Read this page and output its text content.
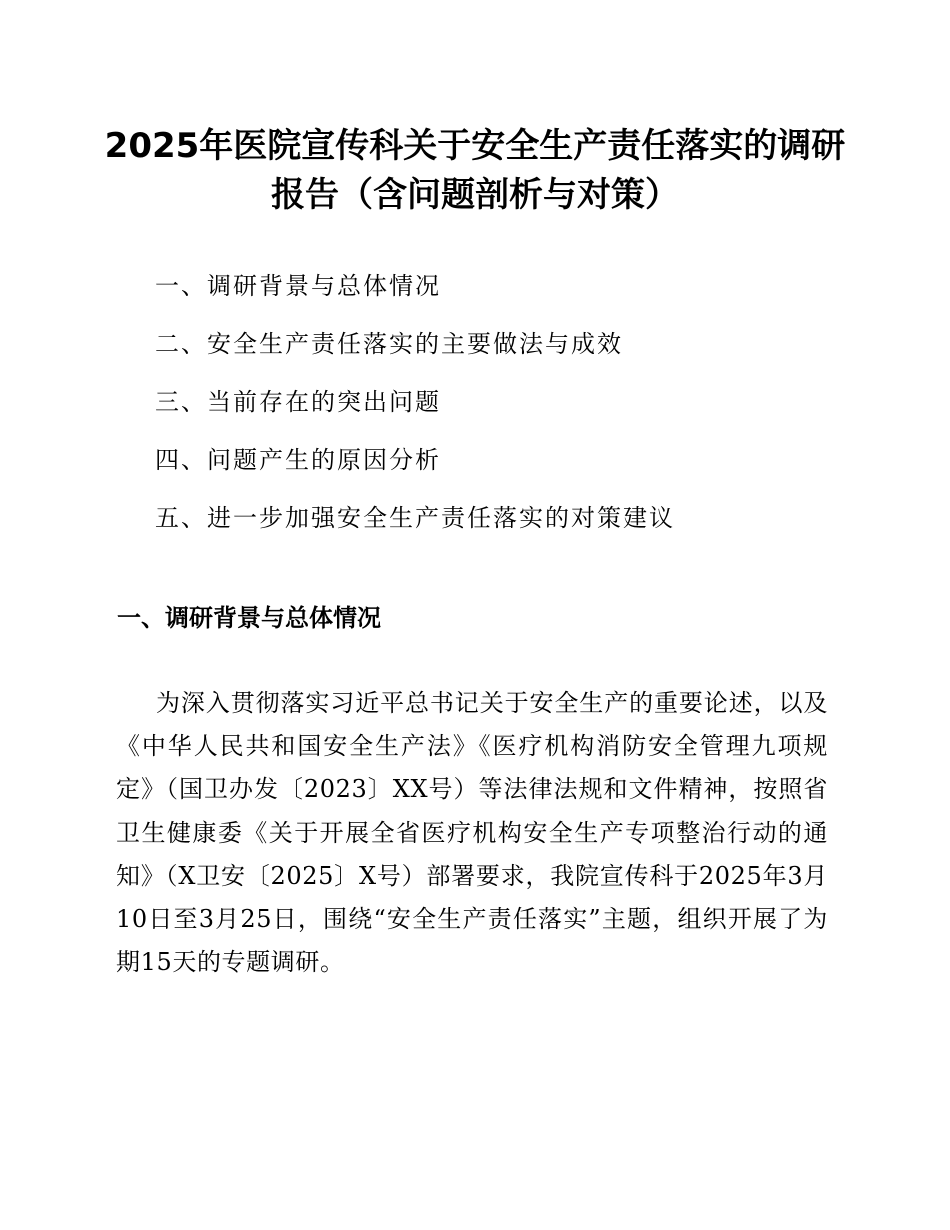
2025年医院宣传科关于安全生产责任落实的调研报告（含问题剖析与对策）
一、调研背景与总体情况
二、安全生产责任落实的主要做法与成效
三、当前存在的突出问题
四、问题产生的原因分析
五、进一步加强安全生产责任落实的对策建议
一、调研背景与总体情况

为深入贯彻落实习近平总书记关于安全生产的重要论述，以及《中华人民共和国安全生产法》《医疗机构消防安全管理九项规定》（国卫办发〔2023〕XX号）等法律法规和文件精神，按照省卫生健康委《关于开展全省医疗机构安全生产专项整治行动的通知》（X卫安〔2025〕X号）部署要求，我院宣传科于2025年3月10日至3月25日，围绕“安全生产责任落实”主题，组织开展了为期15天的专题调研。
